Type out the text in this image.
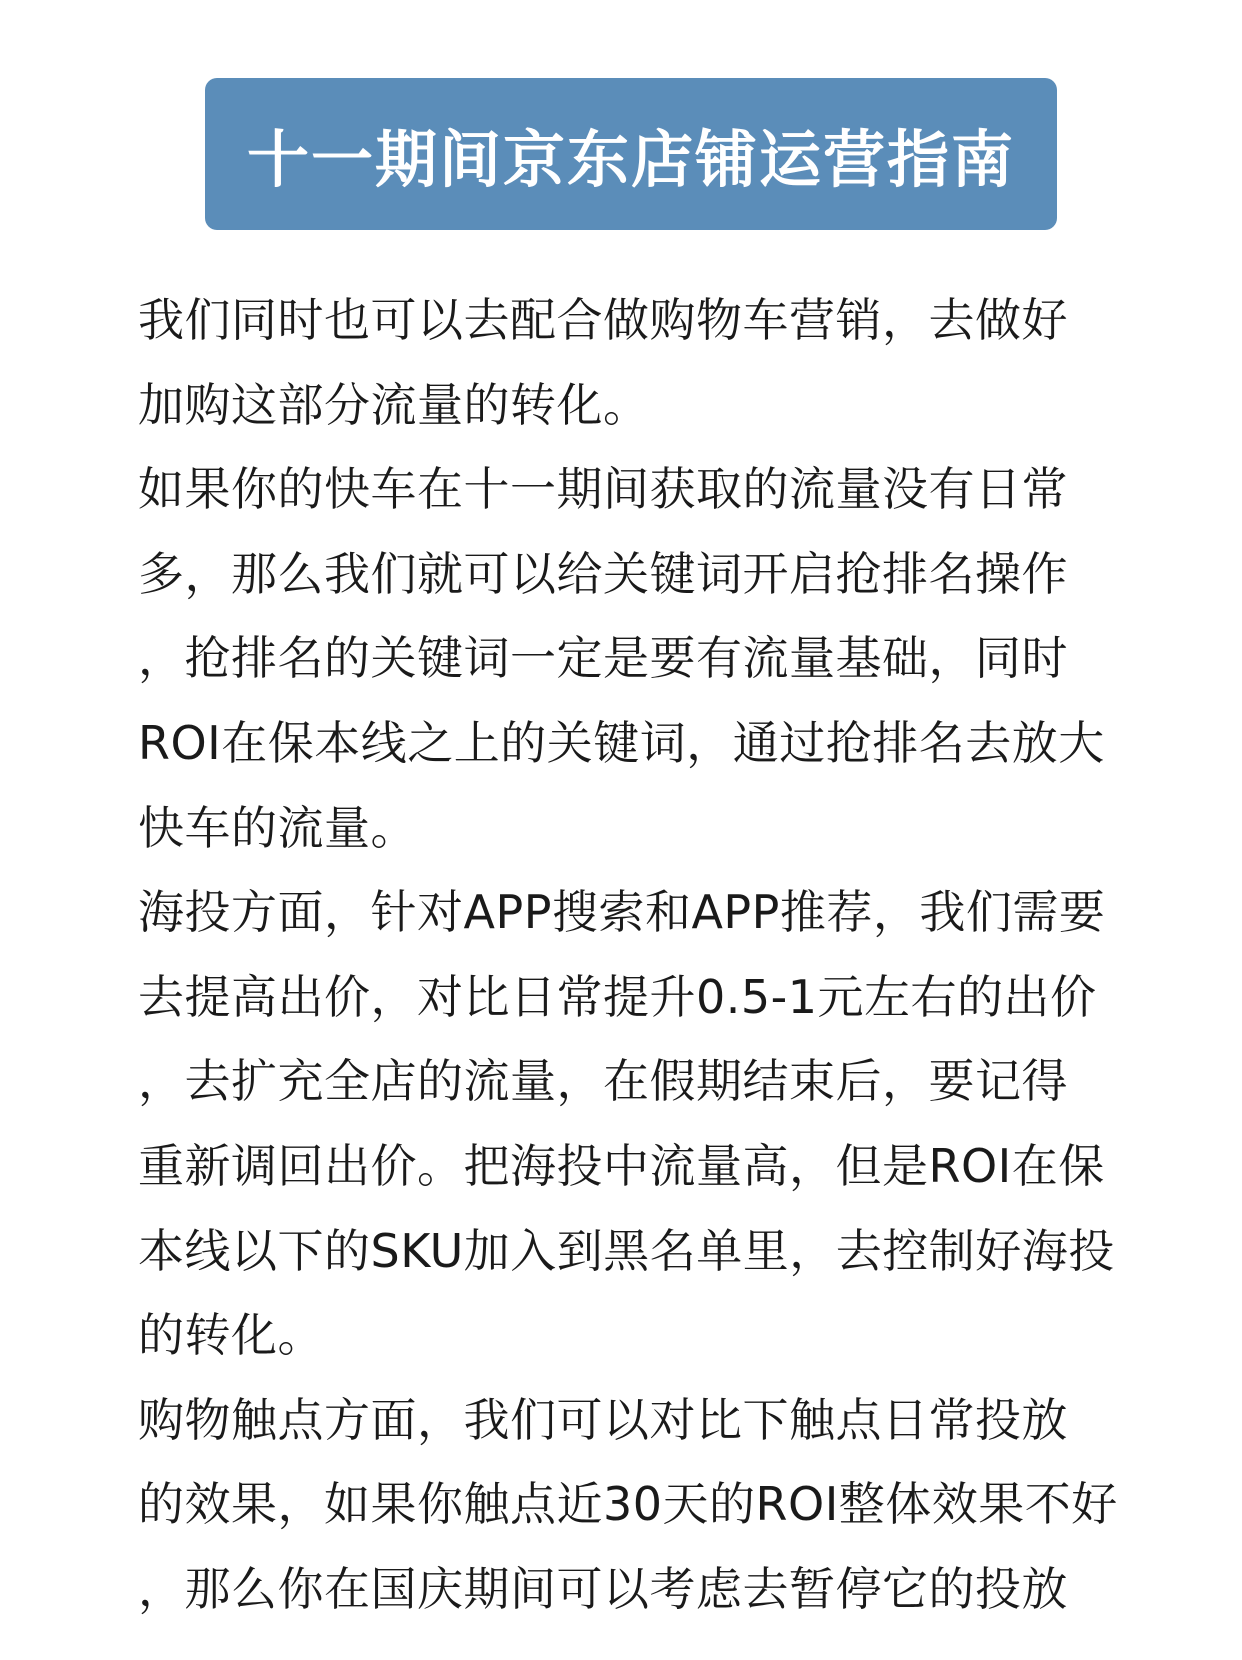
十一期间京东店铺运营指南
我们同时也可以去配合做购物车营销，去做好
加购这部分流量的转化。
如果你的快车在十一期间获取的流量没有日常
多，那么我们就可以给关键词开启抢排名操作
，抢排名的关键词一定是要有流量基础，同时
ROI在保本线之上的关键词，通过抢排名去放大
快车的流量。
海投方面，针对APP搜索和APP推荐，我们需要
去提高出价，对比日常提升0.5-1元左右的出价
，去扩充全店的流量，在假期结束后，要记得
重新调回出价。把海投中流量高，但是ROI在保
本线以下的SKU加入到黑名单里，去控制好海投
的转化。
购物触点方面，我们可以对比下触点日常投放
的效果，如果你触点近30天的ROI整体效果不好
，那么你在国庆期间可以考虑去暂停它的投放
